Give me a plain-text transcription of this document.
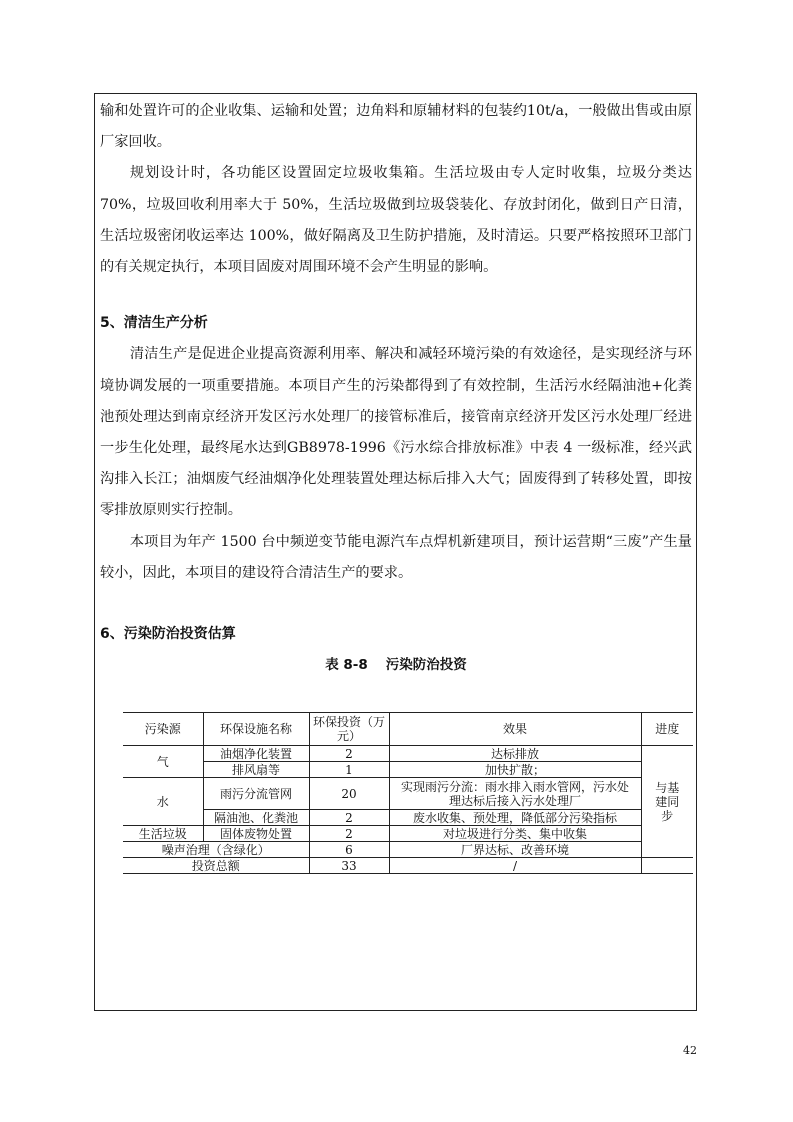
输和处置许可的企业收集、运输和处置；边角料和原辅材料的包装约10t/a，一般做出售或由原厂家回收。

规划设计时，各功能区设置固定垃圾收集箱。生活垃圾由专人定时收集，垃圾分类达 70%，垃圾回收利用率大于 50%，生活垃圾做到垃圾袋装化、存放封闭化，做到日产日清，生活垃圾密闭收运率达 100%，做好隔离及卫生防护措施，及时清运。只要严格按照环卫部门的有关规定执行，本项目固废对周围环境不会产生明显的影响。

5、清洁生产分析

清洁生产是促进企业提高资源利用率、解决和减轻环境污染的有效途径，是实现经济与环境协调发展的一项重要措施。本项目产生的污染都得到了有效控制，生活污水经隔油池+化粪池预处理达到南京经济开发区污水处理厂的接管标准后，接管南京经济开发区污水处理厂经进一步生化处理，最终尾水达到GB8978-1996《污水综合排放标准》中表 4 一级标准，经兴武沟排入长江；油烟废气经油烟净化处理装置处理达标后排入大气；固废得到了转移处置，即按零排放原则实行控制。

本项目为年产 1500 台中频逆变节能电源汽车点焊机新建项目，预计运营期“三废”产生量较小，因此，本项目的建设符合清洁生产的要求。

6、污染防治投资估算

表 8-8 污染防治投资
污染源	环保设施名称	环保投资（万元）	效果	进度
气	油烟净化装置	2	达标排放	与基建同步
	排风扇等	1	加快扩散；	
水	雨污分流管网	20	实现雨污分流：雨水排入雨水管网，污水处理达标后接入污水处理厂	
	隔油池、化粪池	2	废水收集、预处理，降低部分污染指标	
生活垃圾	固体废物处置	2	对垃圾进行分类、集中收集	
噪声治理（含绿化）		6	厂界达标、改善环境	
投资总额		33	/	
42
